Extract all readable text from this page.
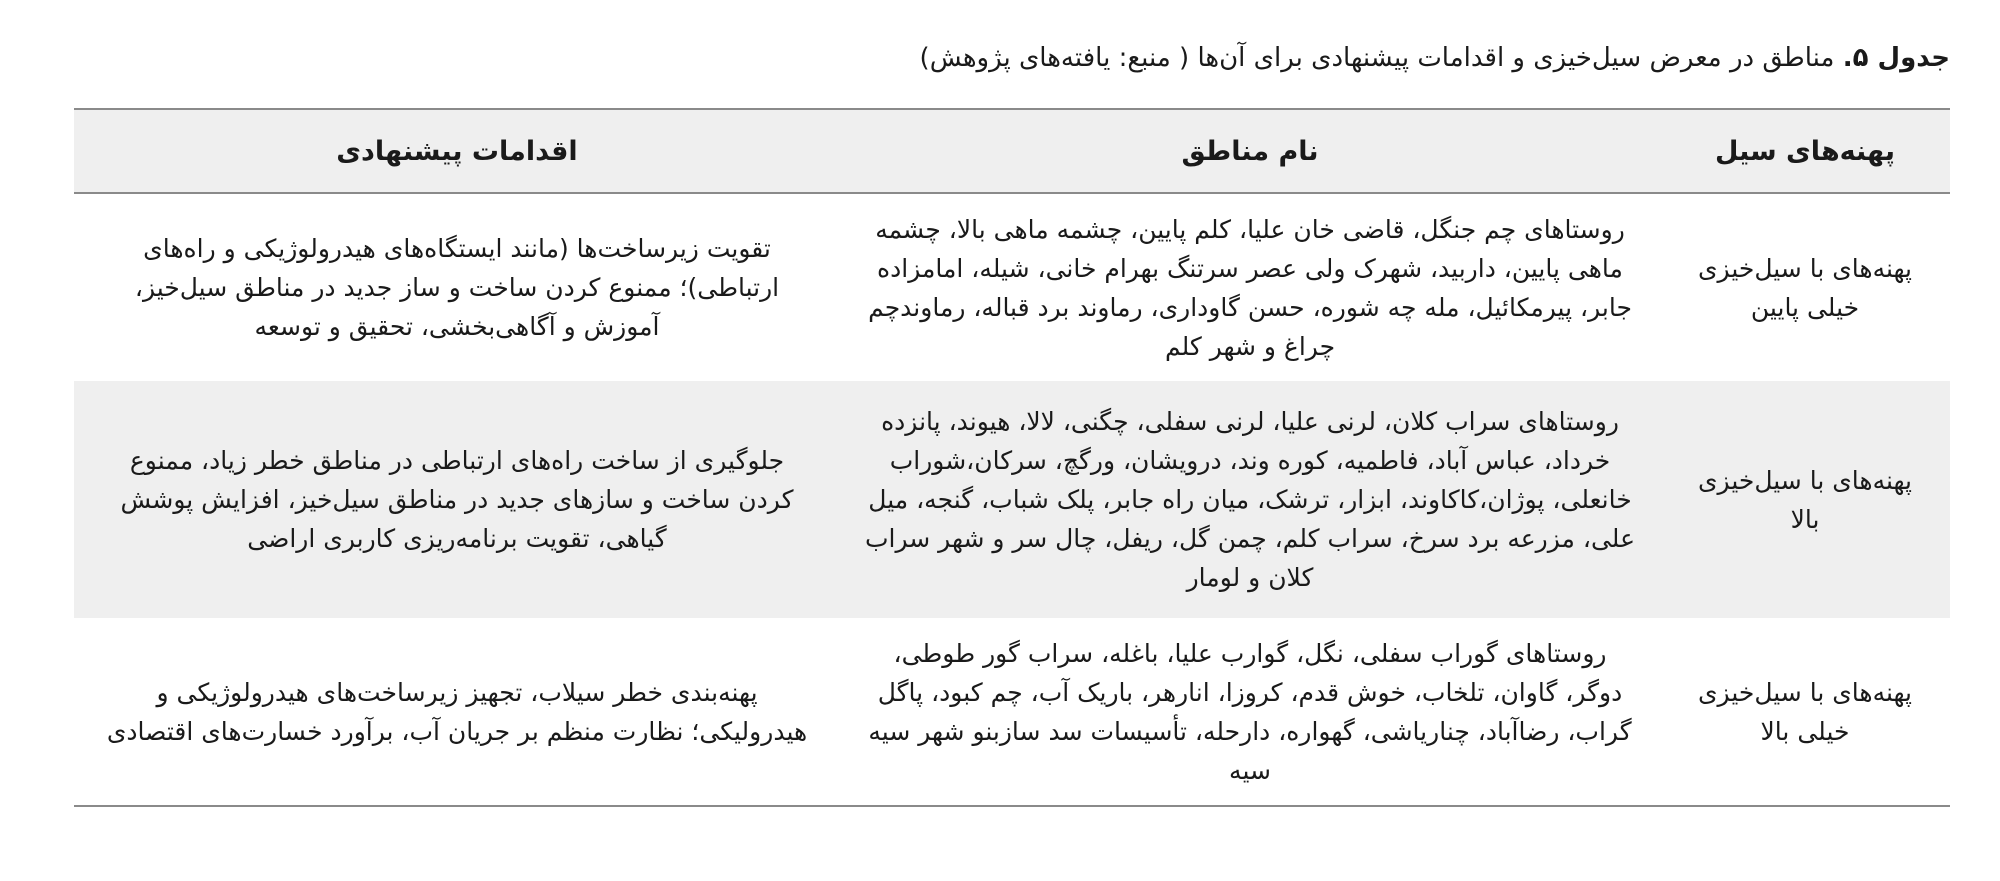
جدول ۵. مناطق در معرض سیل‌خیزی و اقدامات پیشنهادی برای آن‌ها ( منبع: یافته‌های پژوهش)
پهنه‌های سیل
نام مناطق
اقدامات پیشنهادی
پهنه‌های با سیل‌خیزی خیلی پایین
روستاهای چم جنگل، قاضی خان علیا، کلم پایین، چشمه ماهی بالا، چشمه ماهی پایین، داربید، شهرک ولی عصر سرتنگ بهرام خانی، شیله، امامزاده جابر، پیرمکائیل، مله چه شوره، حسن گاوداری، رماوند برد قباله، رماوندچم چراغ و شهر کلم
تقویت زیرساخت‌ها (مانند ایستگاه‌های هیدرولوژیکی و راه‌های ارتباطی)؛ ممنوع کردن ساخت و ساز جدید در مناطق سیل‌خیز، آموزش و آگاهی‌بخشی، تحقیق و توسعه
پهنه‌های با سیل‌خیزی بالا
روستاهای سراب کلان، لرنی علیا، لرنی سفلی، چگنی، لالا، هیوند، پانزده خرداد، عباس آباد، فاطمیه، کوره وند، درویشان، ورگچ، سرکان،شوراب خانعلی، پوژان،کاکاوند، ابزار، ترشک، میان راه جابر، پلک شباب، گنجه، میل علی، مزرعه برد سرخ، سراب کلم، چمن گل، ریفل، چال سر و شهر سراب کلان و لومار
جلوگیری از ساخت راه‌های ارتباطی در مناطق خطر زیاد، ممنوع کردن ساخت و سازهای جدید در مناطق سیل‌خیز، افزایش پوشش گیاهی، تقویت برنامه‌ریزی کاربری اراضی
پهنه‌های با سیل‌خیزی خیلی بالا
روستاهای گوراب سفلی، نگل، گوارب علیا، باغله، سراب گور طوطی، دوگر، گاوان، تلخاب، خوش قدم، کروزا، انارهر، باریک آب، چم کبود، پاگل گراب، رضاآباد، چناریاشی، گهواره، دارحله، تأسیسات سد سازبنو شهر سیه سیه
پهنه‌بندی خطر سیلاب، تجهیز زیرساخت‌های هیدرولوژیکی و هیدرولیکی؛ نظارت منظم بر جریان آب، برآورد خسارت‌های اقتصادی
